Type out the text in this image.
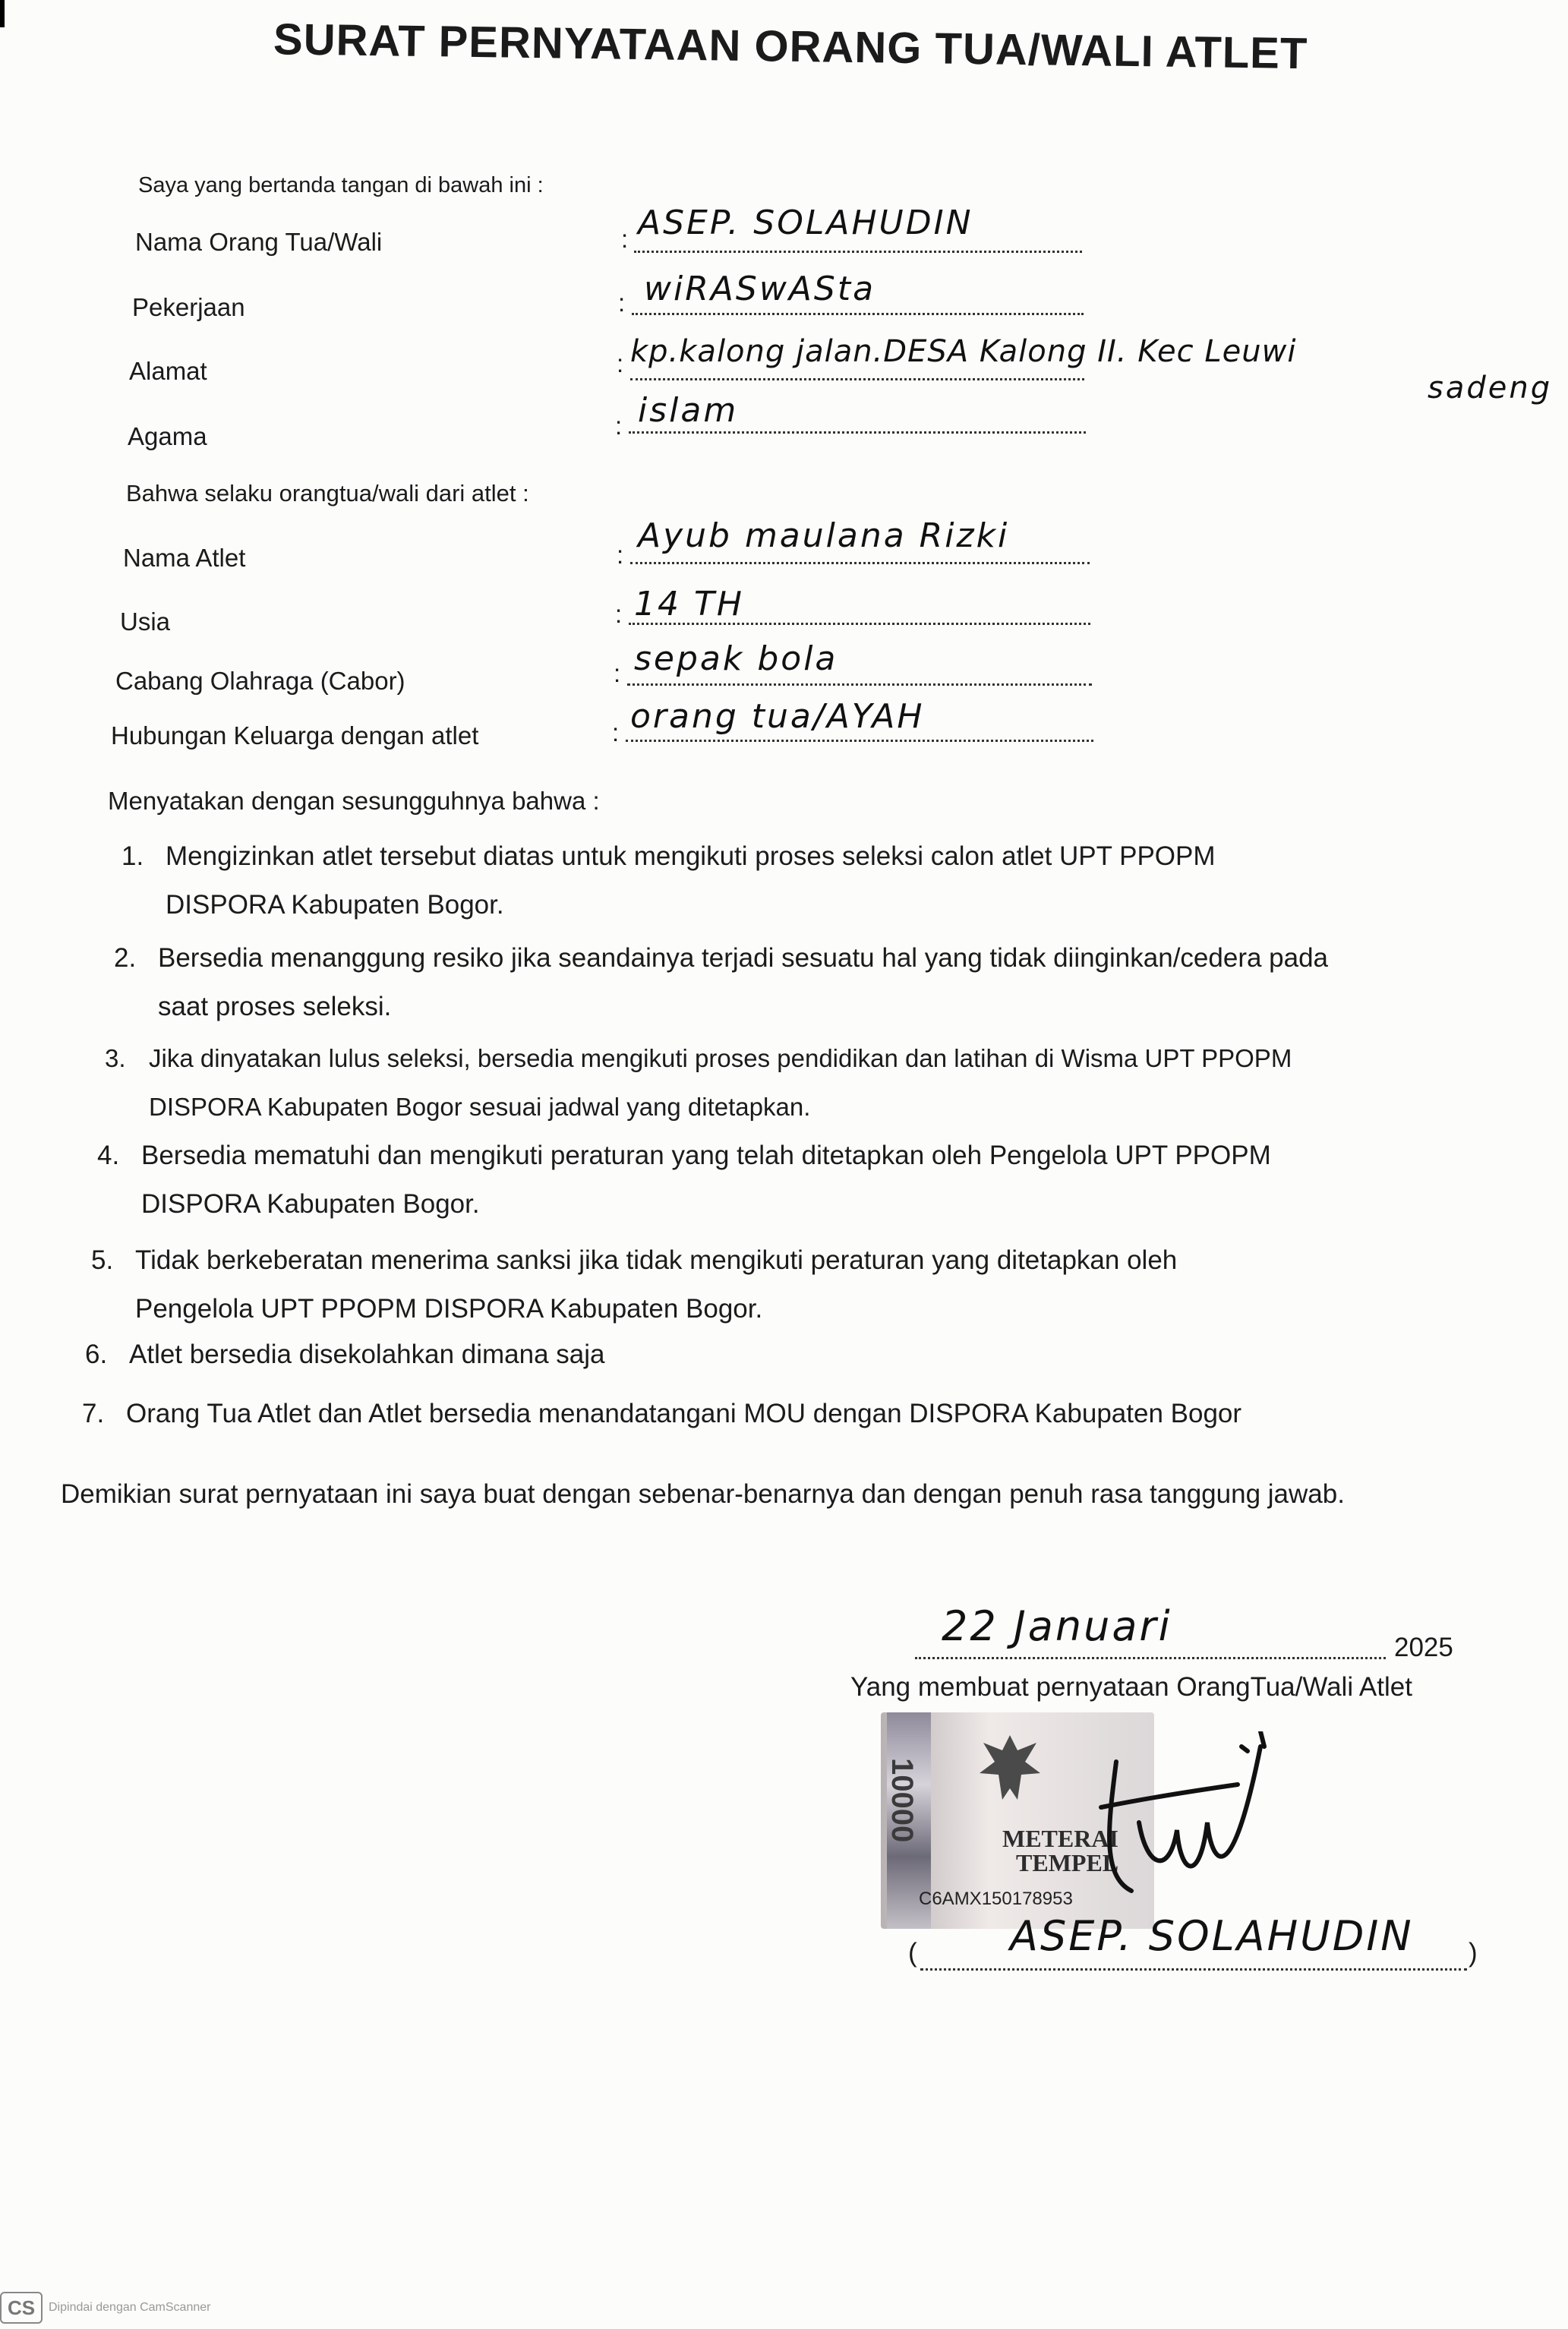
SURAT PERNYATAAN ORANG TUA/WALI ATLET
Saya yang bertanda tangan di bawah ini :
Nama Orang Tua/Wali	: ASEP. SOLAHUDIN
Pekerjaan	: wiRASwASta
Alamat	: kp.kalong jalan.DESA Kalong II. Kec Leuwi
sadeng
Agama	: islam
Bahwa selaku orangtua/wali dari atlet :
Nama Atlet	: Ayub maulana Rizki
Usia	: 14 TH
Cabang Olahraga (Cabor)	: sepak bola
Hubungan Keluarga dengan atlet	: orang tua/AYAH
Menyatakan dengan sesungguhnya bahwa :
1. Mengizinkan atlet tersebut diatas untuk mengikuti proses seleksi calon atlet UPT PPOPM
DISPORA Kabupaten Bogor.
2. Bersedia menanggung resiko jika seandainya terjadi sesuatu hal yang tidak diinginkan/cedera pada
saat proses seleksi.
3. Jika dinyatakan lulus seleksi, bersedia mengikuti proses pendidikan dan latihan di Wisma UPT PPOPM
DISPORA Kabupaten Bogor sesuai jadwal yang ditetapkan.
4. Bersedia mematuhi dan mengikuti peraturan yang telah ditetapkan oleh Pengelola UPT PPOPM
DISPORA Kabupaten Bogor.
5. Tidak berkeberatan menerima sanksi jika tidak mengikuti peraturan yang ditetapkan oleh
Pengelola UPT PPOPM DISPORA Kabupaten Bogor.
6. Atlet bersedia disekolahkan dimana saja
7. Orang Tua Atlet dan Atlet bersedia menandatangani MOU dengan DISPORA Kabupaten Bogor
Demikian surat pernyataan ini saya buat dengan sebenar-benarnya dan dengan penuh rasa tanggung jawab.
22 Januari	2025
Yang membuat pernyataan OrangTua/Wali Atlet
10000	METERAI
TEMPEL
C6AMX150178953
( ASEP. SOLAHUDIN )
CS	Dipindai dengan CamScanner
